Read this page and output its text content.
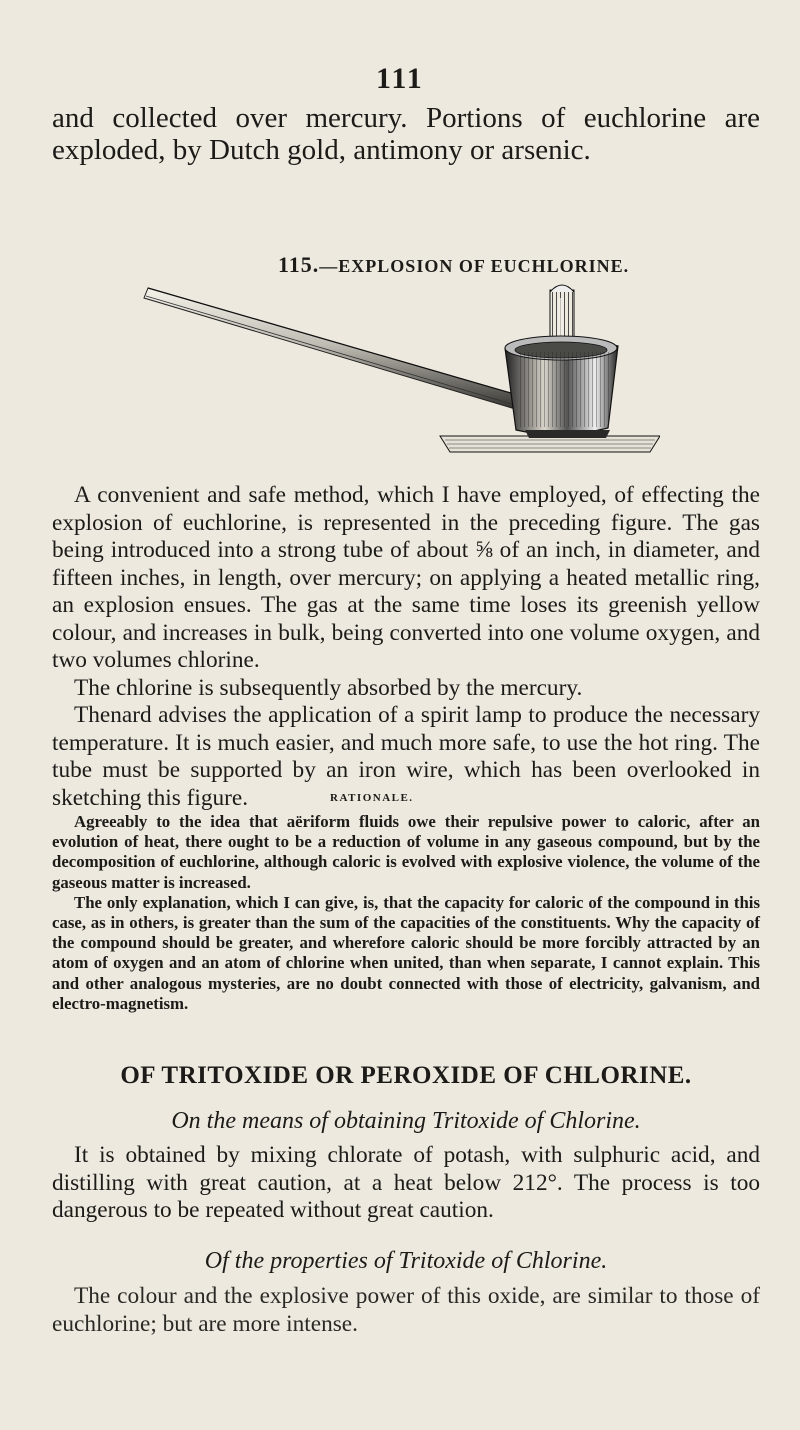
111

and collected over mercury. Portions of euchlorine are exploded, by Dutch gold, antimony or arsenic.

115.—EXPLOSION OF EUCHLORINE.

A convenient and safe method, which I have employed, of effecting the explosion of euchlorine, is represented in the preceding figure. The gas being introduced into a strong tube of about ⅝ of an inch, in diameter, and fifteen inches, in length, over mercury; on applying a heated metallic ring, an explosion ensues. The gas at the same time loses its greenish yellow colour, and increases in bulk, being converted into one volume oxygen, and two volumes chlorine.

The chlorine is subsequently absorbed by the mercury.

Thenard advises the application of a spirit lamp to produce the necessary temperature. It is much easier, and much more safe, to use the hot ring. The tube must be supported by an iron wire, which has been overlooked in sketching this figure.	RATIONALE.

Agreeably to the idea that aëriform fluids owe their repulsive power to caloric, after an evolution of heat, there ought to be a reduction of volume in any gaseous compound, but by the decomposition of euchlorine, although caloric is evolved with explosive violence, the volume of the gaseous matter is increased.

The only explanation, which I can give, is, that the capacity for caloric of the compound in this case, as in others, is greater than the sum of the capacities of the constituents. Why the capacity of the compound should be greater, and wherefore caloric should be more forcibly attracted by an atom of oxygen and an atom of chlorine when united, than when separate, I cannot explain. This and other analogous mysteries, are no doubt connected with those of electricity, galvanism, and electro-magnetism.

OF TRITOXIDE OR PEROXIDE OF CHLORINE.
On the means of obtaining Tritoxide of Chlorine.

It is obtained by mixing chlorate of potash, with sulphuric acid, and distilling with great caution, at a heat below 212°. The process is too dangerous to be repeated without great caution.

Of the properties of Tritoxide of Chlorine.

The colour and the explosive power of this oxide, are similar to those of euchlorine; but are more intense.
